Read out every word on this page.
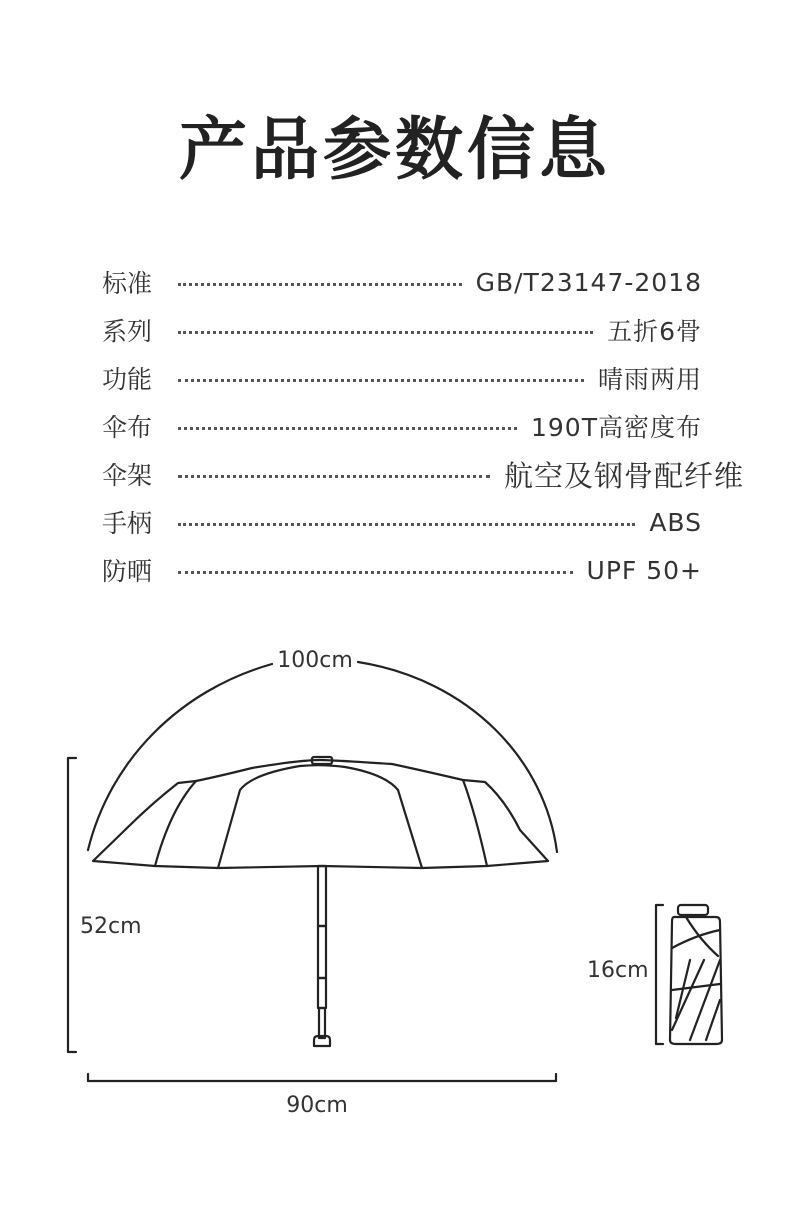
产品参数信息
标准	GB/T23147-2018
系列	五折6骨
功能	晴雨两用
伞布	190T高密度布
伞架	航空及钢骨配纤维
手柄	ABS
防晒	UPF 50+
100cm
52cm
90cm
16cm
